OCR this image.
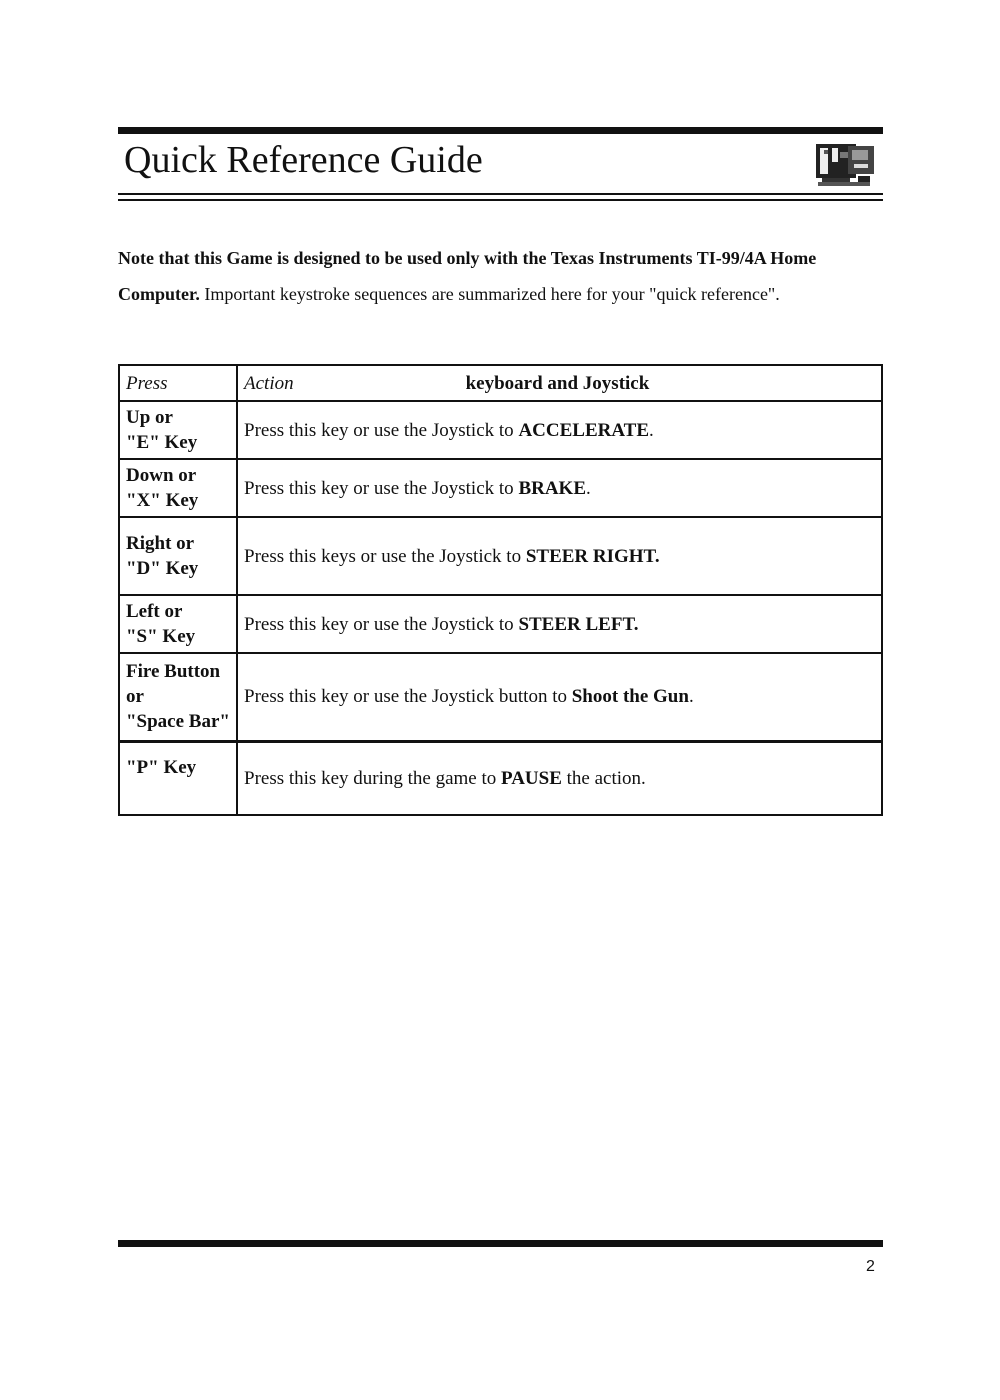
Quick Reference Guide
Note that this Game is designed to be used only with the Texas Instruments TI-99/4A Home Computer. Important keystroke sequences are summarized here for your "quick reference".
Press	Action keyboard and Joystick

Up or
"E" Key	Press this key or use the Joystick to ACCELERATE.

Down or
"X" Key	Press this key or use the Joystick to BRAKE.

Right or
"D" Key	Press this keys or use the Joystick to STEER RIGHT.

Left or
"S" Key	Press this key or use the Joystick to STEER LEFT.

Fire Button
or
"Space Bar"	Press this key or use the Joystick button to Shoot the Gun.

"P" Key	Press this key during the game to PAUSE the action.
2
